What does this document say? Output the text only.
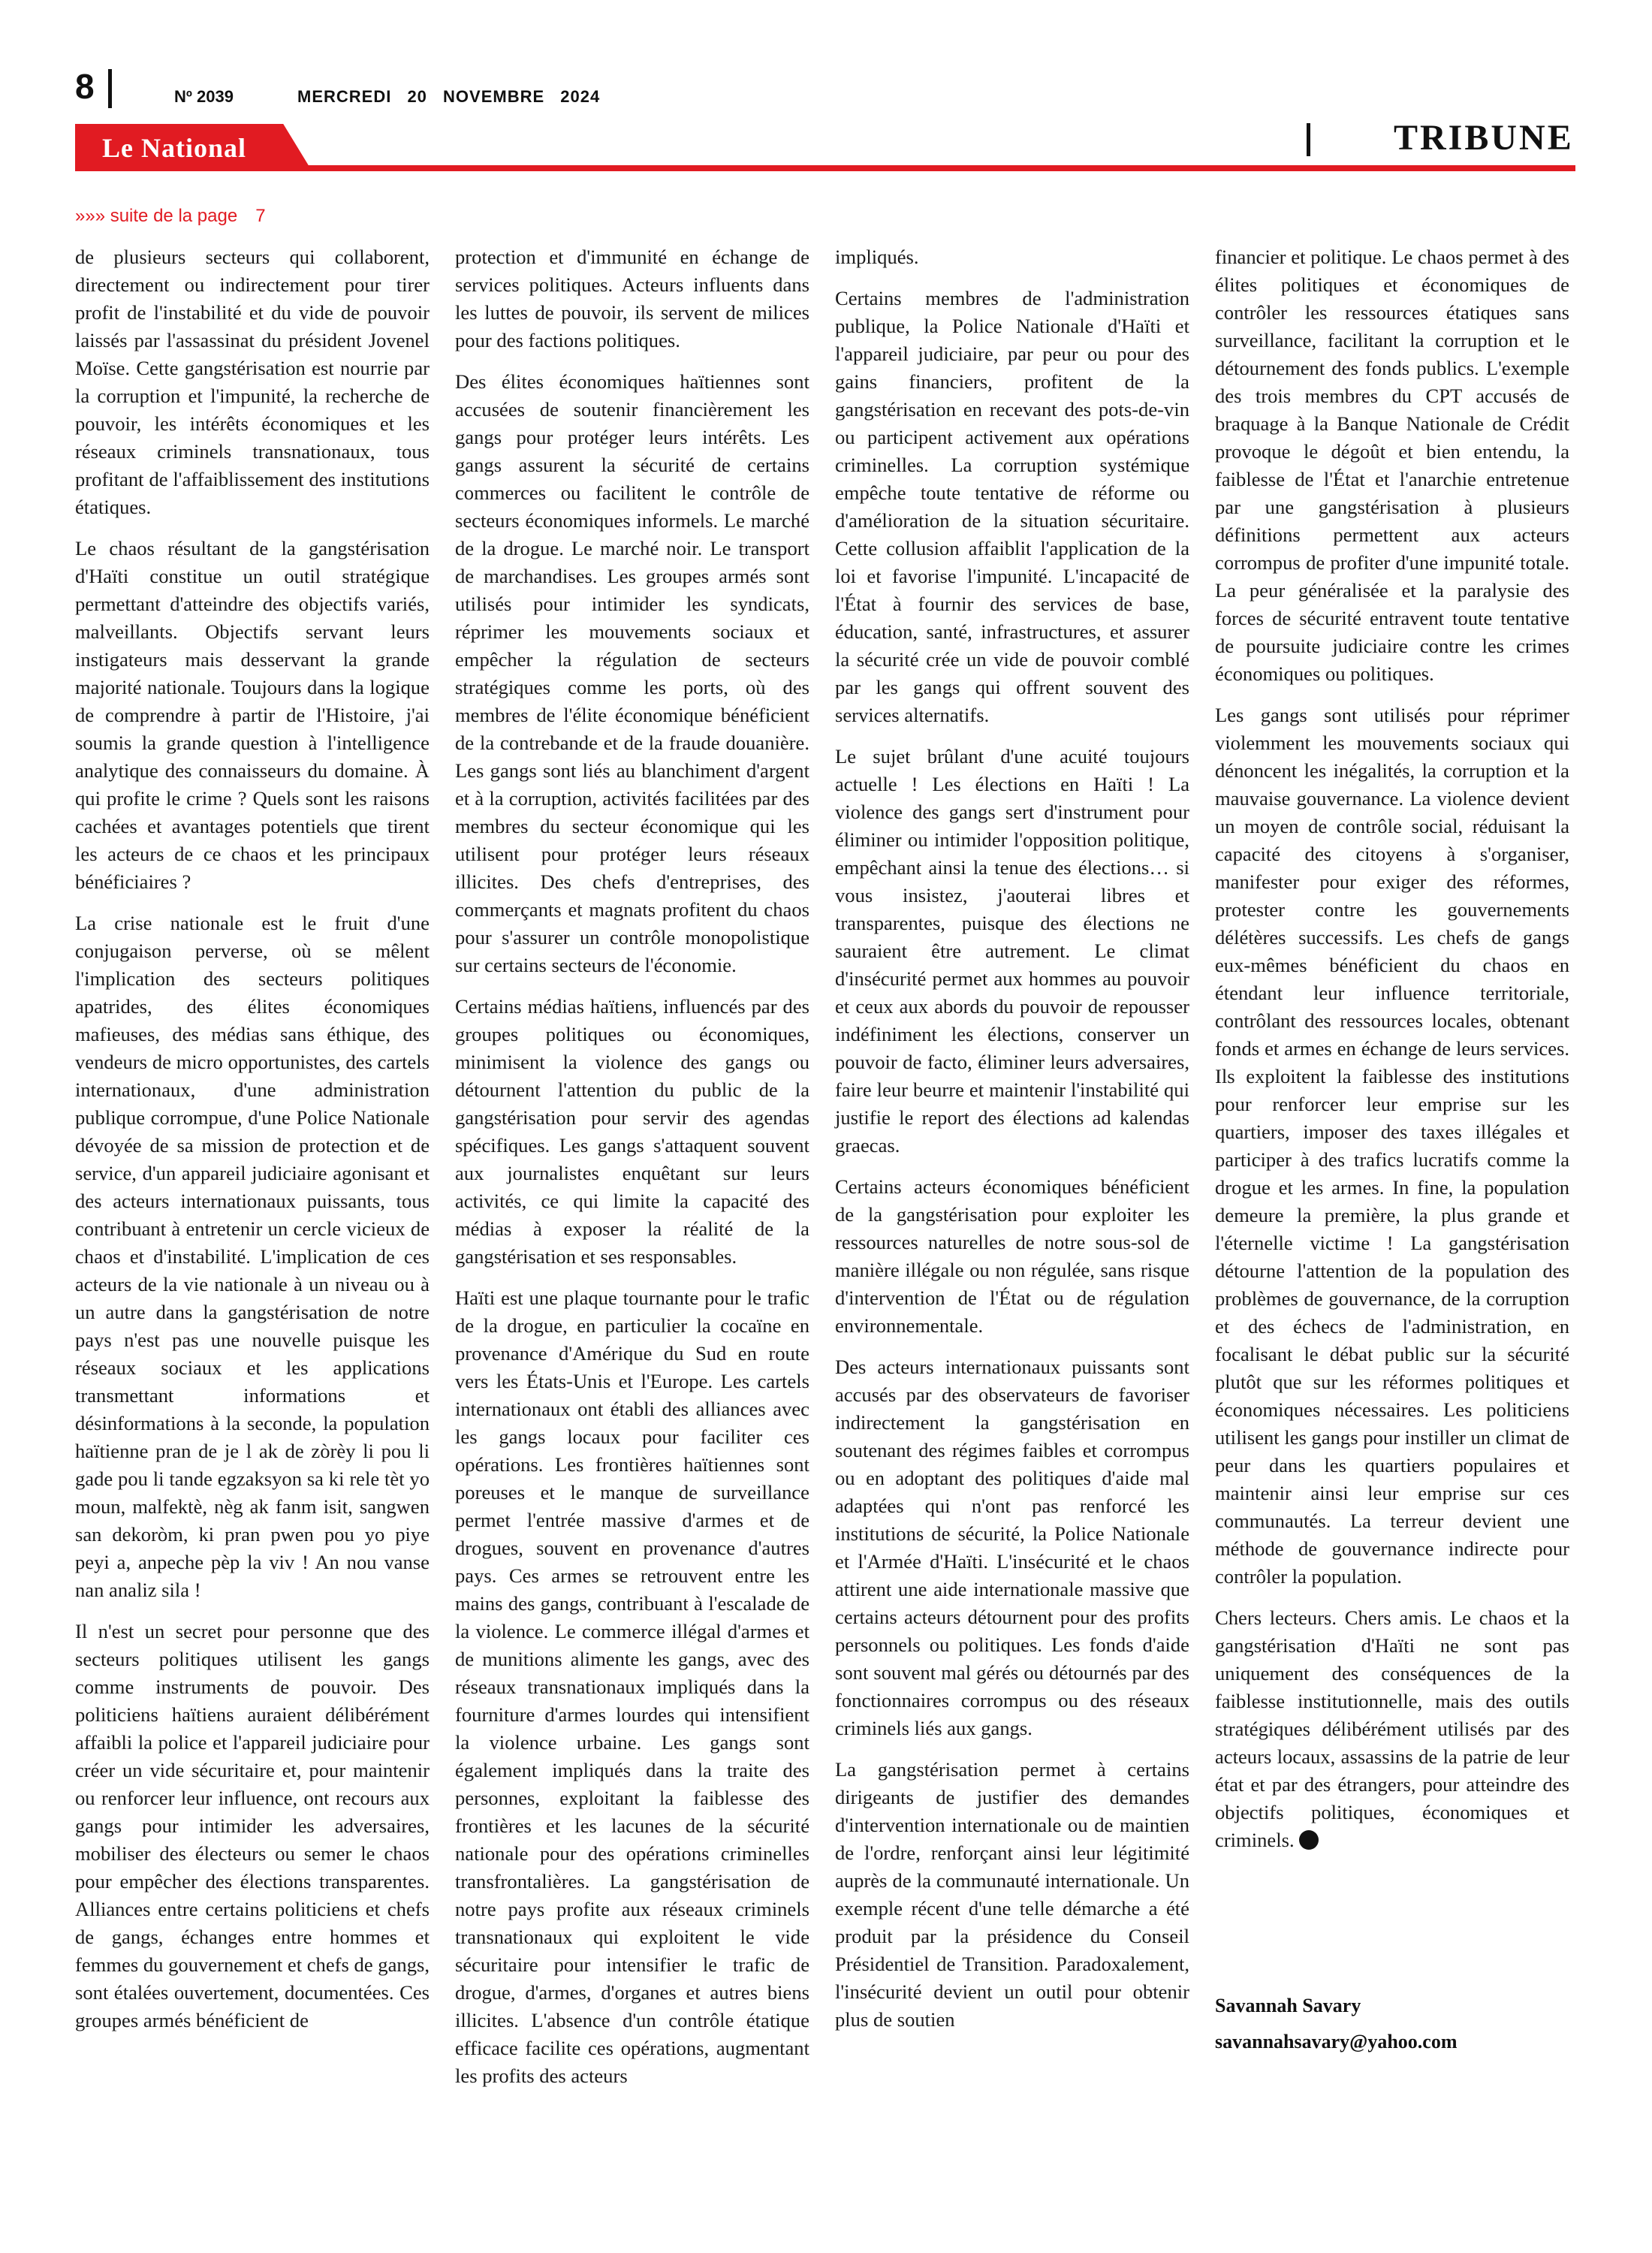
8	Nº 2039	MERCREDI 20 NOVEMBRE 2024
Le National	TRIBUNE
»»» suite de la page 7

de plusieurs secteurs qui collaborent, directement ou indirectement pour tirer profit de l'instabilité et du vide de pouvoir laissés par l'assassinat du président Jovenel Moïse. Cette gangstérisation est nourrie par la corruption et l'impunité, la recherche de pouvoir, les intérêts économiques et les réseaux criminels transnationaux, tous profitant de l'affaiblissement des institutions étatiques.

Le chaos résultant de la gangstérisation d'Haïti constitue un outil stratégique permettant d'atteindre des objectifs variés, malveillants. Objectifs servant leurs instigateurs mais desservant la grande majorité nationale. Toujours dans la logique de comprendre à partir de l'Histoire, j'ai soumis la grande question à l'intelligence analytique des connaisseurs du domaine. À qui profite le crime ? Quels sont les raisons cachées et avantages potentiels que tirent les acteurs de ce chaos et les principaux bénéficiaires ?

La crise nationale est le fruit d'une conjugaison perverse, où se mêlent l'implication des secteurs politiques apatrides, des élites économiques mafieuses, des médias sans éthique, des vendeurs de micro opportunistes, des cartels internationaux, d'une administration publique corrompue, d'une Police Nationale dévoyée de sa mission de protection et de service, d'un appareil judiciaire agonisant et des acteurs internationaux puissants, tous contribuant à entretenir un cercle vicieux de chaos et d'instabilité. L'implication de ces acteurs de la vie nationale à un niveau ou à un autre dans la gangstérisation de notre pays n'est pas une nouvelle puisque les réseaux sociaux et les applications transmettant informations et désinformations à la seconde, la population haïtienne pran de je l ak de zòrèy li pou li gade pou li tande egzaksyon sa ki rele tèt yo moun, malfektè, nèg ak fanm isit, sangwen san dekoròm, ki pran pwen pou yo piye peyi a, anpeche pèp la viv ! An nou vanse nan analiz sila !

Il n'est un secret pour personne que des secteurs politiques utilisent les gangs comme instruments de pouvoir. Des politiciens haïtiens auraient délibérément affaibli la police et l'appareil judiciaire pour créer un vide sécuritaire et, pour maintenir ou renforcer leur influence, ont recours aux gangs pour intimider les adversaires, mobiliser des électeurs ou semer le chaos pour empêcher des élections transparentes. Alliances entre certains politiciens et chefs de gangs, échanges entre hommes et femmes du gouvernement et chefs de gangs, sont étalées ouvertement, documentées. Ces groupes armés bénéficient de

protection et d'immunité en échange de services politiques. Acteurs influents dans les luttes de pouvoir, ils servent de milices pour des factions politiques.

Des élites économiques haïtiennes sont accusées de soutenir financièrement les gangs pour protéger leurs intérêts. Les gangs assurent la sécurité de certains commerces ou facilitent le contrôle de secteurs économiques informels. Le marché de la drogue. Le marché noir. Le transport de marchandises. Les groupes armés sont utilisés pour intimider les syndicats, réprimer les mouvements sociaux et empêcher la régulation de secteurs stratégiques comme les ports, où des membres de l'élite économique bénéficient de la contrebande et de la fraude douanière. Les gangs sont liés au blanchiment d'argent et à la corruption, activités facilitées par des membres du secteur économique qui les utilisent pour protéger leurs réseaux illicites. Des chefs d'entreprises, des commerçants et magnats profitent du chaos pour s'assurer un contrôle monopolistique sur certains secteurs de l'économie.

Certains médias haïtiens, influencés par des groupes politiques ou économiques, minimisent la violence des gangs ou détournent l'attention du public de la gangstérisation pour servir des agendas spécifiques. Les gangs s'attaquent souvent aux journalistes enquêtant sur leurs activités, ce qui limite la capacité des médias à exposer la réalité de la gangstérisation et ses responsables.

Haïti est une plaque tournante pour le trafic de la drogue, en particulier la cocaïne en provenance d'Amérique du Sud en route vers les États-Unis et l'Europe. Les cartels internationaux ont établi des alliances avec les gangs locaux pour faciliter ces opérations. Les frontières haïtiennes sont poreuses et le manque de surveillance permet l'entrée massive d'armes et de drogues, souvent en provenance d'autres pays. Ces armes se retrouvent entre les mains des gangs, contribuant à l'escalade de la violence. Le commerce illégal d'armes et de munitions alimente les gangs, avec des réseaux transnationaux impliqués dans la fourniture d'armes lourdes qui intensifient la violence urbaine. Les gangs sont également impliqués dans la traite des personnes, exploitant la faiblesse des frontières et les lacunes de la sécurité nationale pour des opérations criminelles transfrontalières. La gangstérisation de notre pays profite aux réseaux criminels transnationaux qui exploitent le vide sécuritaire pour intensifier le trafic de drogue, d'armes, d'organes et autres biens illicites. L'absence d'un contrôle étatique efficace facilite ces opérations, augmentant les profits des acteurs

impliqués.

Certains membres de l'administration publique, la Police Nationale d'Haïti et l'appareil judiciaire, par peur ou pour des gains financiers, profitent de la gangstérisation en recevant des pots-de-vin ou participent activement aux opérations criminelles. La corruption systémique empêche toute tentative de réforme ou d'amélioration de la situation sécuritaire. Cette collusion affaiblit l'application de la loi et favorise l'impunité. L'incapacité de l'État à fournir des services de base, éducation, santé, infrastructures, et assurer la sécurité crée un vide de pouvoir comblé par les gangs qui offrent souvent des services alternatifs.

Le sujet brûlant d'une acuité toujours actuelle ! Les élections en Haïti ! La violence des gangs sert d'instrument pour éliminer ou intimider l'opposition politique, empêchant ainsi la tenue des élections… si vous insistez, j'aouterai libres et transparentes, puisque des élections ne sauraient être autrement. Le climat d'insécurité permet aux hommes au pouvoir et ceux aux abords du pouvoir de repousser indéfiniment les élections, conserver un pouvoir de facto, éliminer leurs adversaires, faire leur beurre et maintenir l'instabilité qui justifie le report des élections ad kalendas graecas.

Certains acteurs économiques bénéficient de la gangstérisation pour exploiter les ressources naturelles de notre sous-sol de manière illégale ou non régulée, sans risque d'intervention de l'État ou de régulation environnementale.

Des acteurs internationaux puissants sont accusés par des observateurs de favoriser indirectement la gangstérisation en soutenant des régimes faibles et corrompus ou en adoptant des politiques d'aide mal adaptées qui n'ont pas renforcé les institutions de sécurité, la Police Nationale et l'Armée d'Haïti. L'insécurité et le chaos attirent une aide internationale massive que certains acteurs détournent pour des profits personnels ou politiques. Les fonds d'aide sont souvent mal gérés ou détournés par des fonctionnaires corrompus ou des réseaux criminels liés aux gangs.

La gangstérisation permet à certains dirigeants de justifier des demandes d'intervention internationale ou de maintien de l'ordre, renforçant ainsi leur légitimité auprès de la communauté internationale. Un exemple récent d'une telle démarche a été produit par la présidence du Conseil Présidentiel de Transition. Paradoxalement, l'insécurité devient un outil pour obtenir plus de soutien

financier et politique. Le chaos permet à des élites politiques et économiques de contrôler les ressources étatiques sans surveillance, facilitant la corruption et le détournement des fonds publics. L'exemple des trois membres du CPT accusés de braquage à la Banque Nationale de Crédit provoque le dégoût et bien entendu, la faiblesse de l'État et l'anarchie entretenue par une gangstérisation à plusieurs définitions permettent aux acteurs corrompus de profiter d'une impunité totale. La peur généralisée et la paralysie des forces de sécurité entravent toute tentative de poursuite judiciaire contre les crimes économiques ou politiques.

Les gangs sont utilisés pour réprimer violemment les mouvements sociaux qui dénoncent les inégalités, la corruption et la mauvaise gouvernance. La violence devient un moyen de contrôle social, réduisant la capacité des citoyens à s'organiser, manifester pour exiger des réformes, protester contre les gouvernements délétères successifs. Les chefs de gangs eux-mêmes bénéficient du chaos en étendant leur influence territoriale, contrôlant des ressources locales, obtenant fonds et armes en échange de leurs services. Ils exploitent la faiblesse des institutions pour renforcer leur emprise sur les quartiers, imposer des taxes illégales et participer à des trafics lucratifs comme la drogue et les armes. In fine, la population demeure la première, la plus grande et l'éternelle victime ! La gangstérisation détourne l'attention de la population des problèmes de gouvernance, de la corruption et des échecs de l'administration, en focalisant le débat public sur la sécurité plutôt que sur les réformes politiques et économiques nécessaires. Les politiciens utilisent les gangs pour instiller un climat de peur dans les quartiers populaires et maintenir ainsi leur emprise sur ces communautés. La terreur devient une méthode de gouvernance indirecte pour contrôler la population.

Chers lecteurs. Chers amis. Le chaos et la gangstérisation d'Haïti ne sont pas uniquement des conséquences de la faiblesse institutionnelle, mais des outils stratégiques délibérément utilisés par des acteurs locaux, assassins de la patrie de leur état et par des étrangers, pour atteindre des objectifs politiques, économiques et criminels.

Savannah Savary
savannahsavary@yahoo.com
